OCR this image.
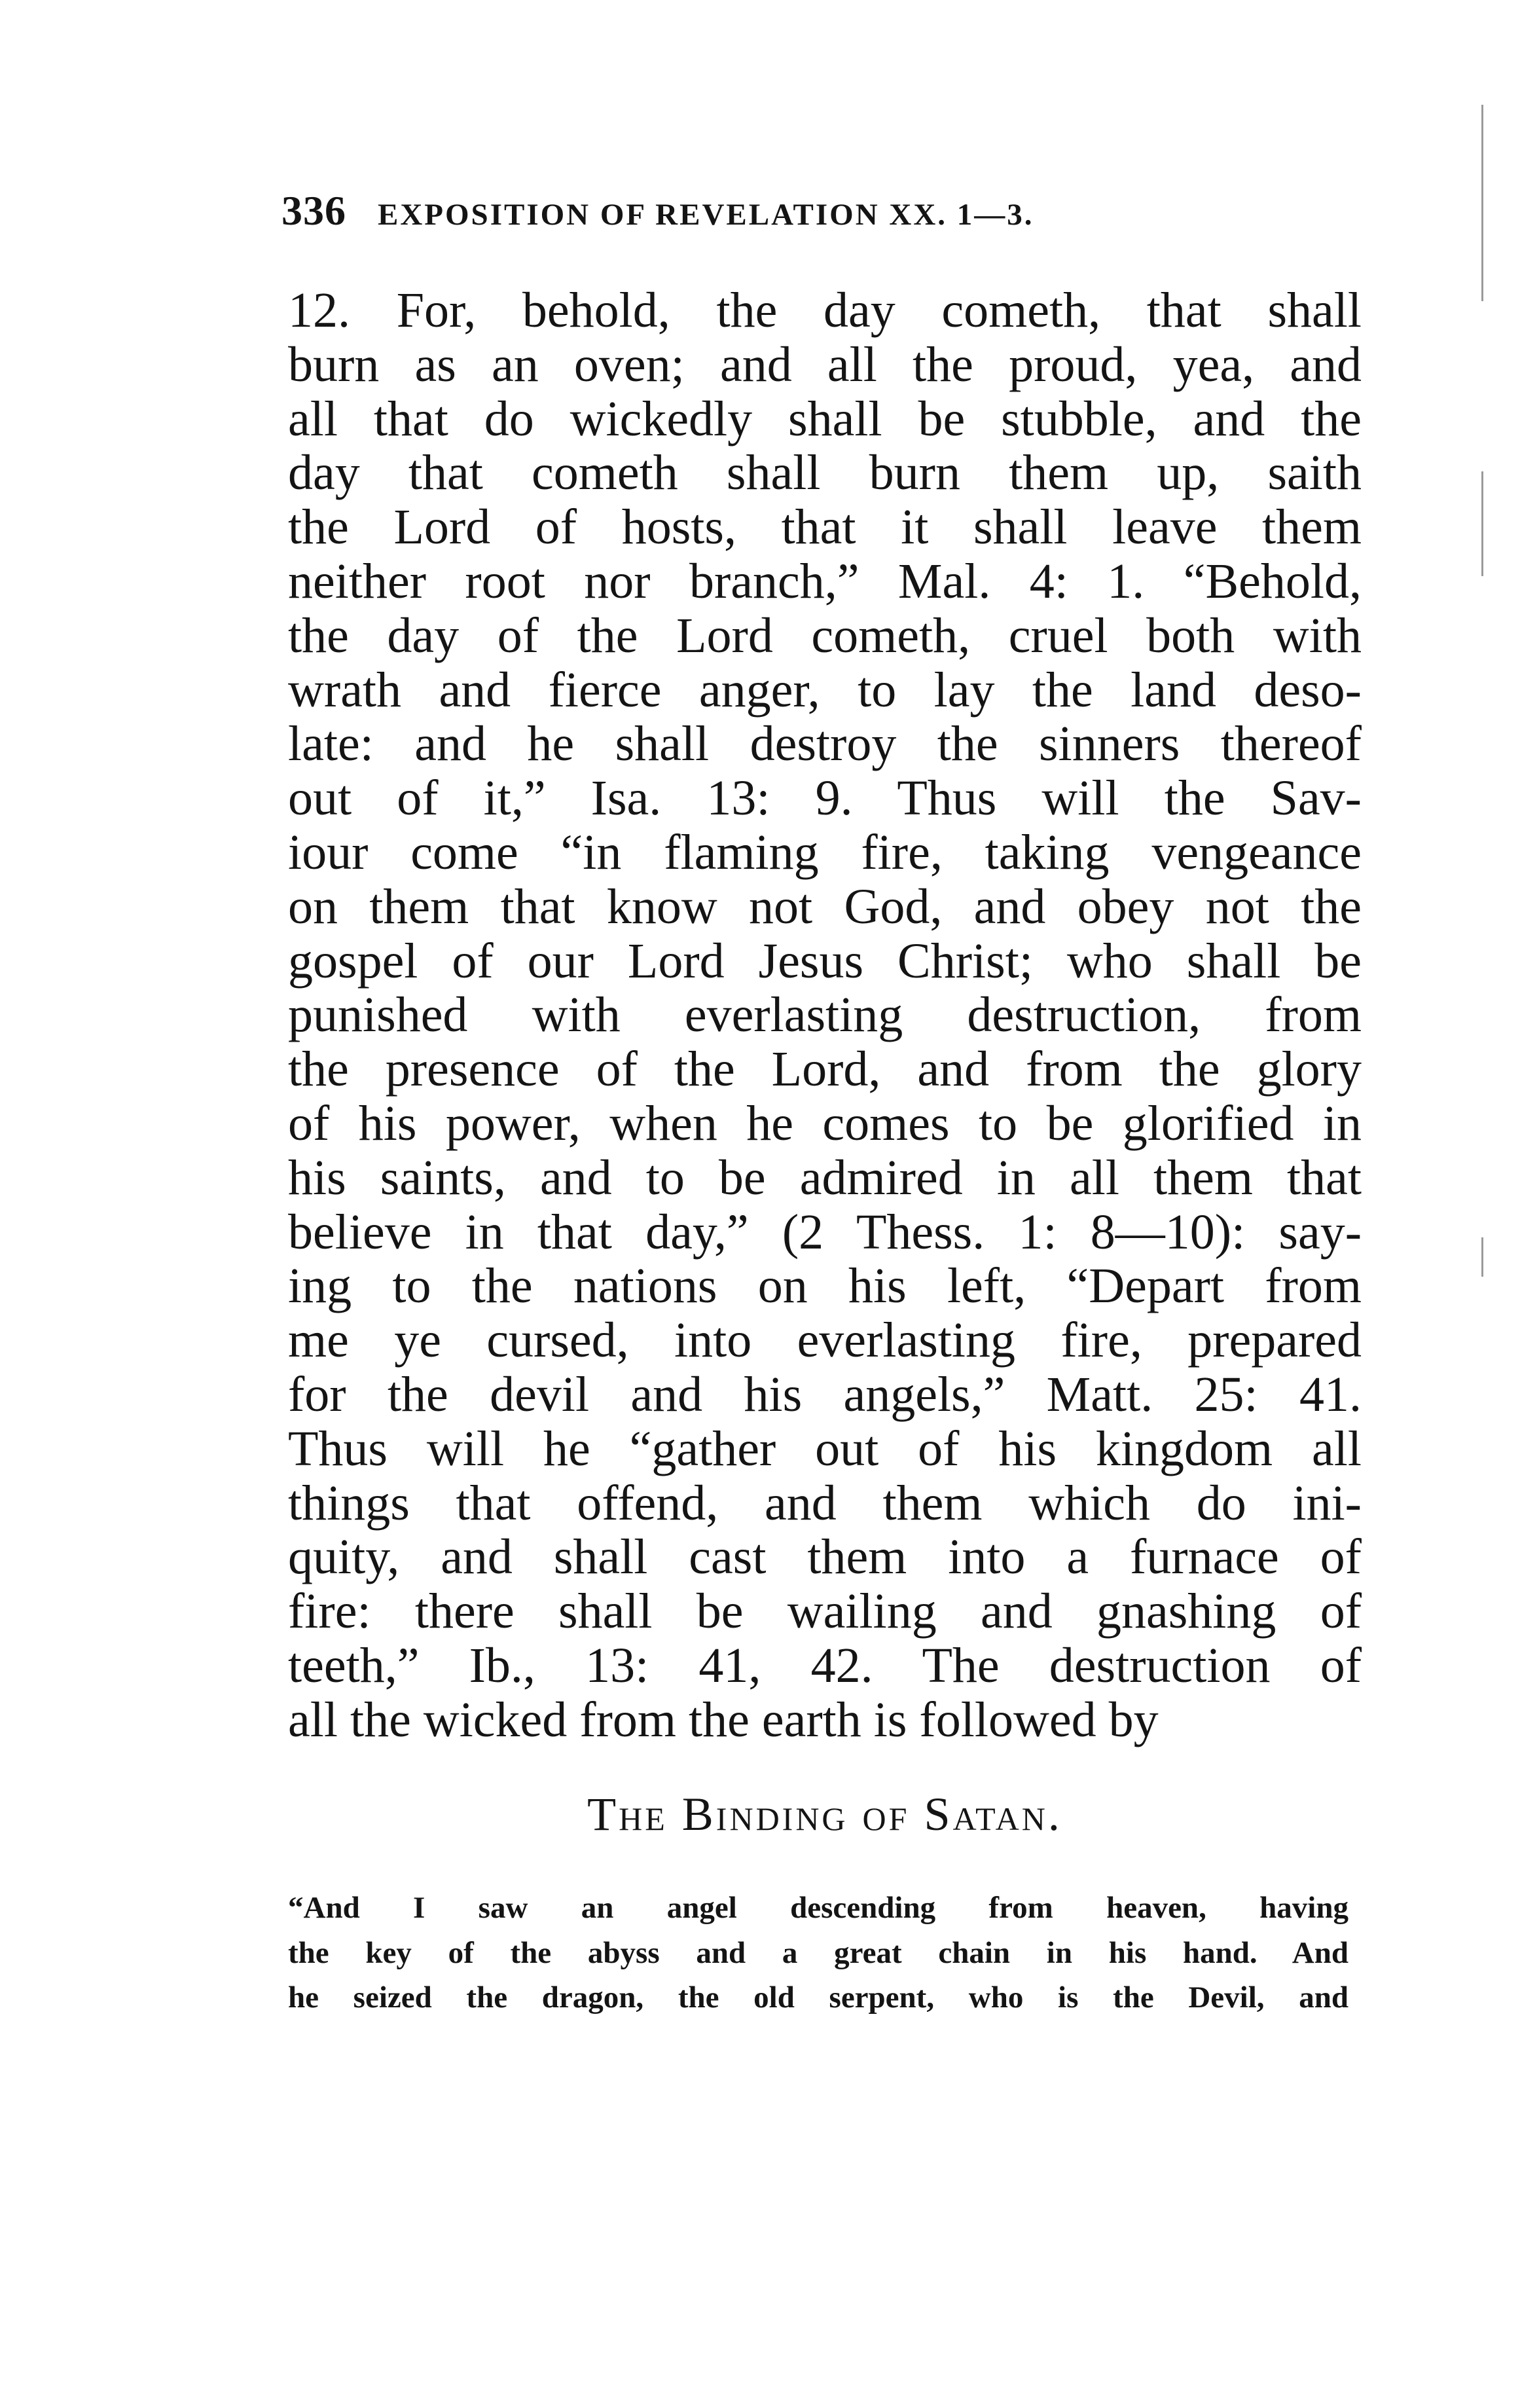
336 EXPOSITION OF REVELATION XX. 1—3.
12. For, behold, the day cometh, that shall
burn as an oven; and all the proud, yea, and
all that do wickedly shall be stubble, and the
day that cometh shall burn them up, saith
the Lord of hosts, that it shall leave them
neither root nor branch,” Mal. 4: 1. “Behold,
the day of the Lord cometh, cruel both with
wrath and fierce anger, to lay the land deso-
late: and he shall destroy the sinners thereof
out of it,” Isa. 13: 9. Thus will the Sav-
iour come “in flaming fire, taking vengeance
on them that know not God, and obey not the
gospel of our Lord Jesus Christ; who shall be
punished with everlasting destruction, from
the presence of the Lord, and from the glory
of his power, when he comes to be glorified in
his saints, and to be admired in all them that
believe in that day,” (2 Thess. 1: 8—10): say-
ing to the nations on his left, “Depart from
me ye cursed, into everlasting fire, prepared
for the devil and his angels,” Matt. 25: 41.
Thus will he “gather out of his kingdom all
things that offend, and them which do ini-
quity, and shall cast them into a furnace of
fire: there shall be wailing and gnashing of
teeth,” Ib., 13: 41, 42. The destruction of
all the wicked from the earth is followed by
The Binding of Satan.
“And I saw an angel descending from heaven, having
the key of the abyss and a great chain in his hand. And
he seized the dragon, the old serpent, who is the Devil, and
